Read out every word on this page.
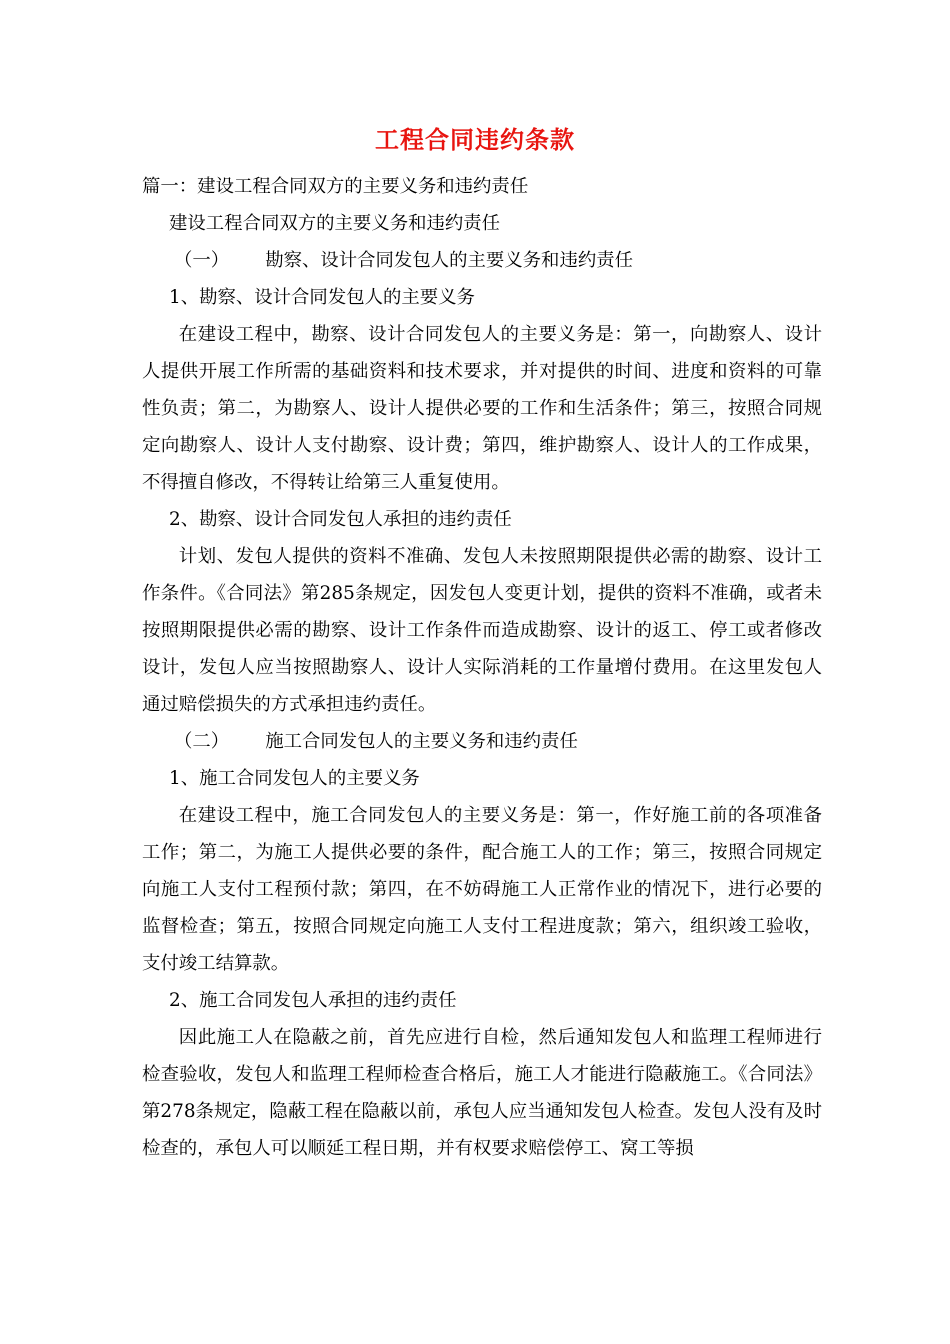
工程合同违约条款

篇一：建设工程合同双方的主要义务和违约责任

建设工程合同双方的主要义务和违约责任

（一） 勘察、设计合同发包人的主要义务和违约责任

1、勘察、设计合同发包人的主要义务

在建设工程中，勘察、设计合同发包人的主要义务是：第一，向勘察人、设计人提供开展工作所需的基础资料和技术要求，并对提供的时间、进度和资料的可靠性负责；第二，为勘察人、设计人提供必要的工作和生活条件；第三，按照合同规定向勘察人、设计人支付勘察、设计费；第四，维护勘察人、设计人的工作成果，不得擅自修改，不得转让给第三人重复使用。

2、勘察、设计合同发包人承担的违约责任

计划、发包人提供的资料不准确、发包人未按照期限提供必需的勘察、设计工作条件。《合同法》第285条规定，因发包人变更计划，提供的资料不准确，或者未按照期限提供必需的勘察、设计工作条件而造成勘察、设计的返工、停工或者修改设计，发包人应当按照勘察人、设计人实际消耗的工作量增付费用。在这里发包人通过赔偿损失的方式承担违约责任。

（二） 施工合同发包人的主要义务和违约责任

1、施工合同发包人的主要义务

在建设工程中，施工合同发包人的主要义务是：第一，作好施工前的各项准备工作；第二，为施工人提供必要的条件，配合施工人的工作；第三，按照合同规定向施工人支付工程预付款；第四，在不妨碍施工人正常作业的情况下，进行必要的监督检查；第五，按照合同规定向施工人支付工程进度款；第六，组织竣工验收，支付竣工结算款。

2、施工合同发包人承担的违约责任

因此施工人在隐蔽之前，首先应进行自检，然后通知发包人和监理工程师进行检查验收，发包人和监理工程师检查合格后，施工人才能进行隐蔽施工。《合同法》第278条规定，隐蔽工程在隐蔽以前，承包人应当通知发包人检查。发包人没有及时检查的，承包人可以顺延工程日期，并有权要求赔偿停工、窝工等损
